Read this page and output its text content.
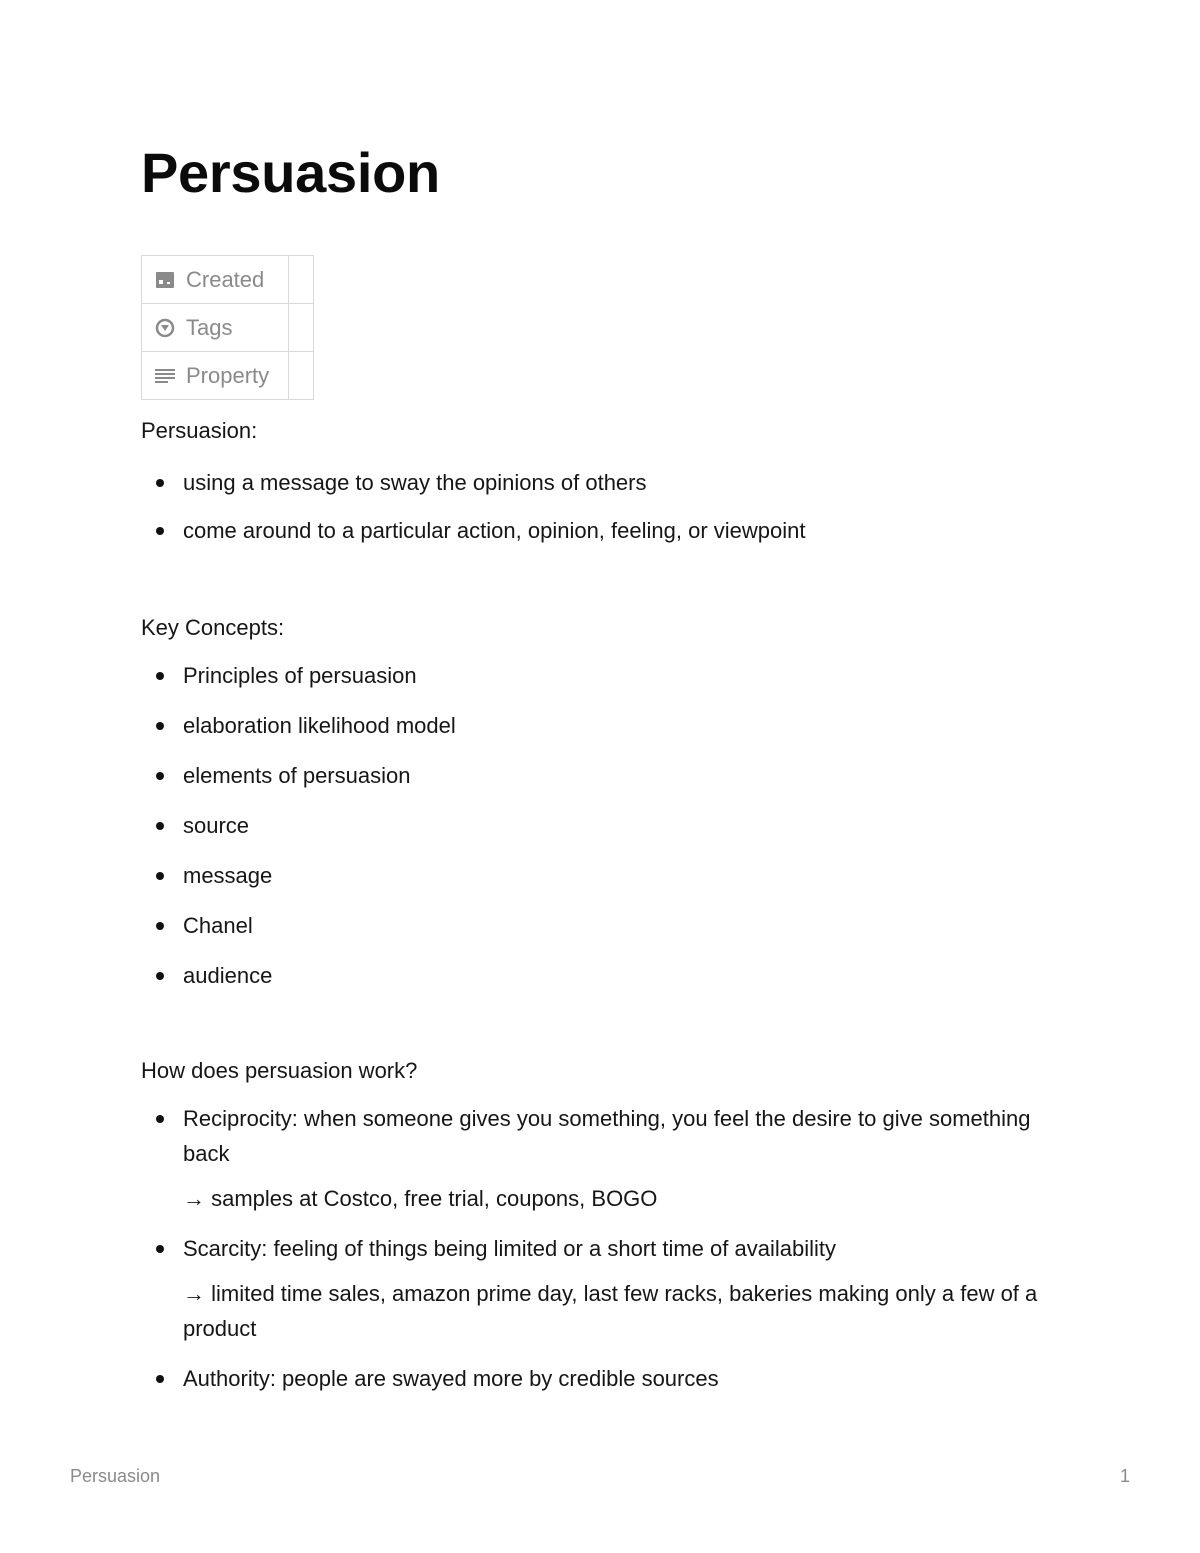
Persuasion
Created	

Tags	

Property	

Persuasion:

using a message to sway the opinions of others
come around to a particular action, opinion, feeling, or viewpoint

Key Concepts:

Principles of persuasion
elaboration likelihood model
elements of persuasion
source
message
Chanel
audience

How does persuasion work?

Reciprocity: when someone gives you something, you feel the desire to give something back
→ samples at Costco, free trial, coupons, BOGO
Scarcity: feeling of things being limited or a short time of availability
→ limited time sales, amazon prime day, last few racks, bakeries making only a few of a product
Authority: people are swayed more by credible sources
Persuasion	1
